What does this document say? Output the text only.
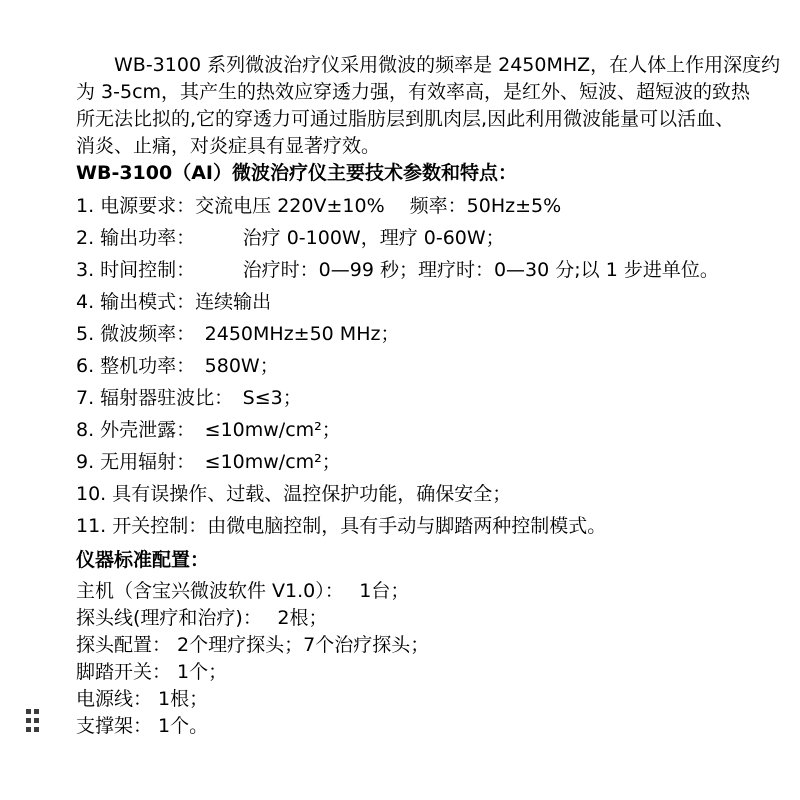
WB-3100 系列微波治疗仪采用微波的频率是 2450MHZ，在人体上作用深度约

为 3-5cm，其产生的热效应穿透力强，有效率高，是红外、短波、超短波的致热

所无法比拟的,它的穿透力可通过脂肪层到肌肉层,因此利用微波能量可以活血、

消炎、止痛，对炎症具有显著疗效。

WB-3100（AI）微波治疗仪主要技术参数和特点：

1. 电源要求：交流电压 220V±10%　 频率：50Hz±5%

2. 输出功率：　　　治疗 0-100W，理疗 0-60W；

3. 时间控制：　　　治疗时：0—99 秒；理疗时：0—30 分;以 1 步进单位。

4. 输出模式：连续输出

5. 微波频率：　2450MHz±50 MHz；

6. 整机功率：　580W；

7. 辐射器驻波比：　S≤3；

8. 外壳泄露：　≤10mw/cm²；

9. 无用辐射：　≤10mw/cm²；

10. 具有误操作、过载、温控保护功能，确保安全；

11. 开关控制：由微电脑控制，具有手动与脚踏两种控制模式。

仪器标准配置：

主机（含宝兴微波软件 V1.0）：　 1台；

探头线(理疗和治疗)：　 2根；

探头配置： 2个理疗探头；7个治疗探头；

脚踏开关： 1个；

电源线： 1根；

支撑架： 1个。
